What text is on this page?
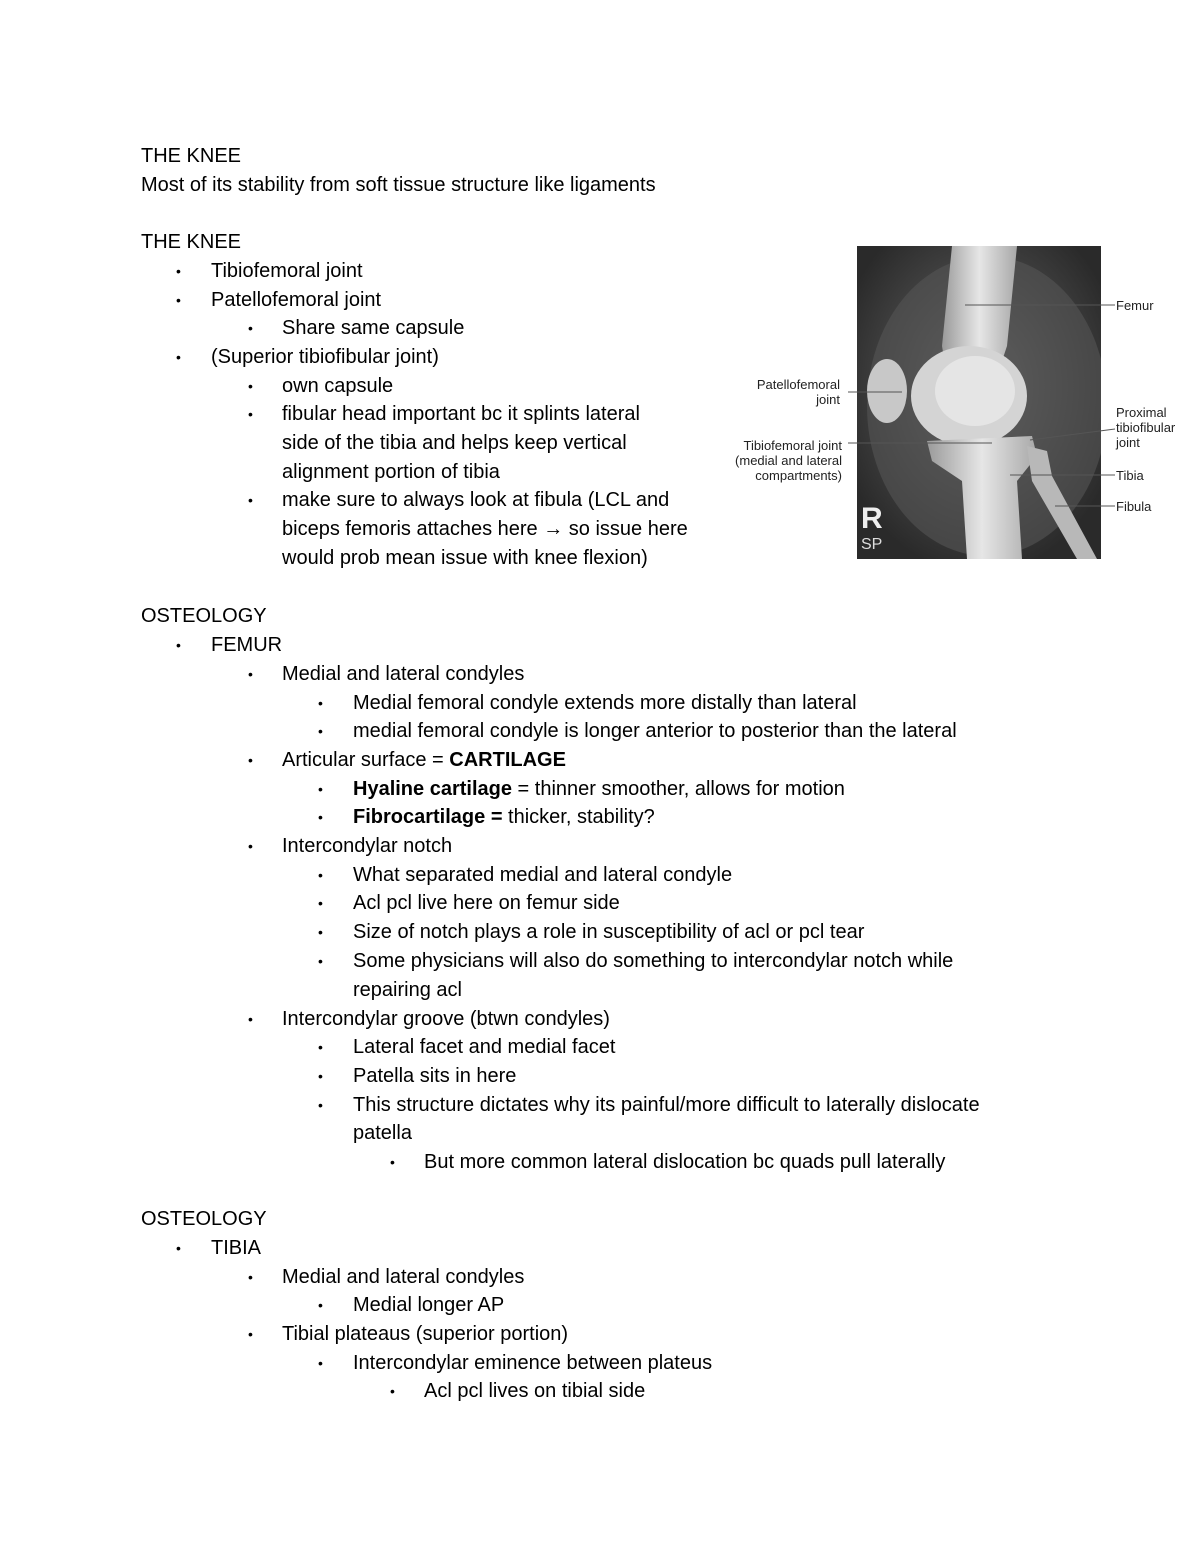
THE KNEE
Most of its stability from soft tissue structure like ligaments
THE KNEE
• Tibiofemoral joint
• Patellofemoral joint
• Share same capsule
• (Superior tibiofibular joint)
• own capsule
• fibular head important bc it splints lateral
side of the tibia and helps keep vertical
alignment portion of tibia
• make sure to always look at fibula (LCL and
biceps femoris attaches here → so issue here
would prob mean issue with knee flexion)
R
SP
Femur
Patellofemoral joint
Proximal tibiofibular joint
Tibiofemoral joint (medial and lateral compartments)	Tibia
Fibula
OSTEOLOGY
• FEMUR
• Medial and lateral condyles
• Medial femoral condyle extends more distally than lateral
• medial femoral condyle is longer anterior to posterior than the lateral
• Articular surface = CARTILAGE
• Hyaline cartilage = thinner smoother, allows for motion
• Fibrocartilage = thicker, stability?
• Intercondylar notch
• What separated medial and lateral condyle
• Acl pcl live here on femur side
• Size of notch plays a role in susceptibility of acl or pcl tear
• Some physicians will also do something to intercondylar notch while
repairing acl
• Intercondylar groove (btwn condyles)
• Lateral facet and medial facet
• Patella sits in here
• This structure dictates why its painful/more difficult to laterally dislocate
patella
• But more common lateral dislocation bc quads pull laterally
OSTEOLOGY
• TIBIA
• Medial and lateral condyles
• Medial longer AP
• Tibial plateaus (superior portion)
• Intercondylar eminence between plateus
• Acl pcl lives on tibial side
